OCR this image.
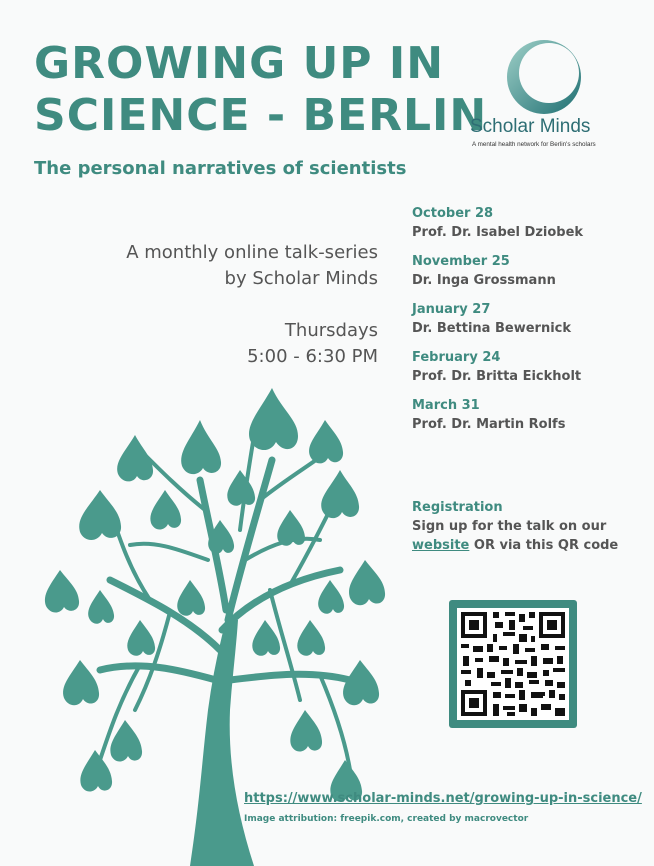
GROWING UP IN
SCIENCE - BERLIN
The personal narratives of scientists
Scholar Minds
A mental health network for Berlin's scholars
A monthly online talk-series
by Scholar Minds
Thursdays
5:00 - 6:30 PM
October 28
Prof. Dr. Isabel Dziobek
November 25
Dr. Inga Grossmann
January 27
Dr. Bettina Bewernick
February 24
Prof. Dr. Britta Eickholt
March 31
Prof. Dr. Martin Rolfs
Registration
Sign up for the talk on our
website OR via this QR code
https://www.scholar-minds.net/growing-up-in-science/
Image attribution: freepik.com, created by macrovector
